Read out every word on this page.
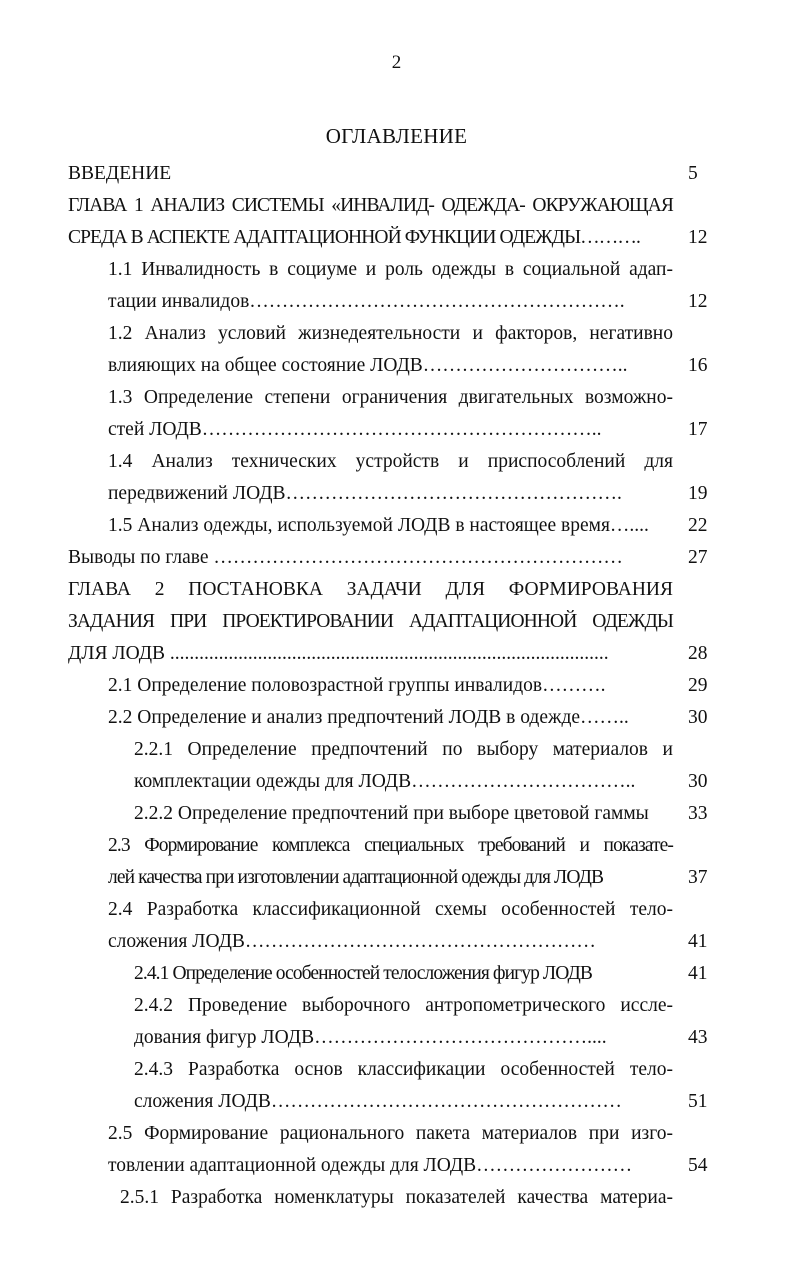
2
ОГЛАВЛЕНИЕ
ВВЕДЕНИЕ	5
ГЛАВА 1 АНАЛИЗ СИСТЕМЫ «ИНВАЛИД- ОДЕЖДА- ОКРУЖАЮЩАЯ
СРЕДА В АСПЕКТЕ АДАПТАЦИОННОЙ ФУНКЦИИ ОДЕЖДЫ……….	12
1.1 Инвалидность в социуме и роль одежды в социальной адап-
тации инвалидов………………………………………………….	12
1.2 Анализ условий жизнедеятельности и факторов, негативно
влияющих на общее состояние ЛОДВ…………………………..	16
1.3 Определение степени ограничения двигательных возможно-
стей ЛОДВ……………………………………………………..	17
1.4 Анализ технических устройств и приспособлений для
передвижений ЛОДВ…………………………………………….	19
1.5 Анализ одежды, используемой ЛОДВ в настоящее время…....	22
Выводы по главе ………………………………………………………	27
ГЛАВА 2 ПОСТАНОВКА ЗАДАЧИ ДЛЯ ФОРМИРОВАНИЯ
ЗАДАНИЯ ПРИ ПРОЕКТИРОВАНИИ АДАПТАЦИОННОЙ ОДЕЖДЫ
ДЛЯ ЛОДВ ..........................................................................................	28
2.1 Определение половозрастной группы инвалидов……….	29
2.2 Определение и анализ предпочтений ЛОДВ в одежде……..	30
2.2.1 Определение предпочтений по выбору материалов и
комплектации одежды для ЛОДВ……………………………..	30
2.2.2 Определение предпочтений при выборе цветовой гаммы	33
2.3 Формирование комплекса специальных требований и показате-
лей качества при изготовлении адаптационной одежды для ЛОДВ	37
2.4 Разработка классификационной схемы особенностей тело-
сложения ЛОДВ………………………………………………	41
2.4.1 Определение особенностей телосложения фигур ЛОДВ	41
2.4.2 Проведение выборочного антропометрического иссле-
дования фигур ЛОДВ……………………………………....	43
2.4.3 Разработка основ классификации особенностей тело-
сложения ЛОДВ………………………………………………	51
2.5 Формирование рационального пакета материалов при изго-
товлении адаптационной одежды для ЛОДВ……………………	54
2.5.1 Разработка номенклатуры показателей качества материа-
